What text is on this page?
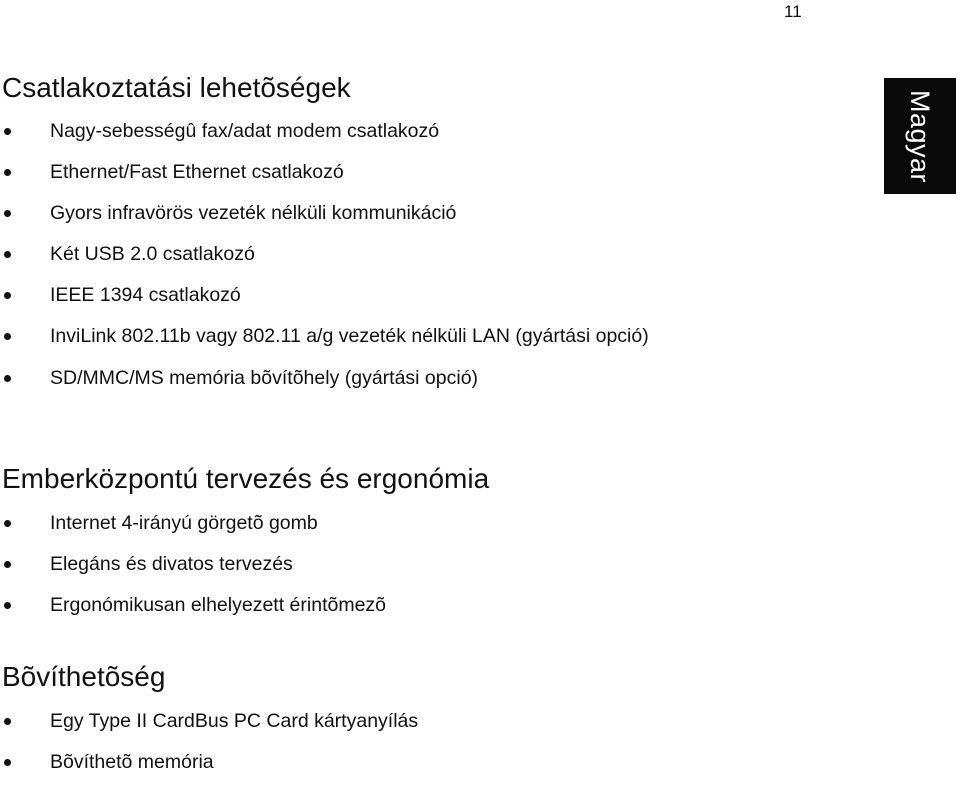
11
Magyar
Csatlakoztatási lehetõségek
Nagy-sebességû fax/adat modem csatlakozó
Ethernet/Fast Ethernet csatlakozó
Gyors infravörös vezeték nélküli kommunikáció
Két USB 2.0 csatlakozó
IEEE 1394 csatlakozó
InviLink 802.11b vagy 802.11 a/g vezeték nélküli LAN (gyártási opció)
SD/MMC/MS memória bõvítõhely (gyártási opció)
Emberközpontú tervezés és ergonómia
Internet 4-irányú görgetõ gomb
Elegáns és divatos tervezés
Ergonómikusan elhelyezett érintõmezõ
Bõvíthetõség
Egy Type II CardBus PC Card kártyanyílás
Bõvíthetõ memória
